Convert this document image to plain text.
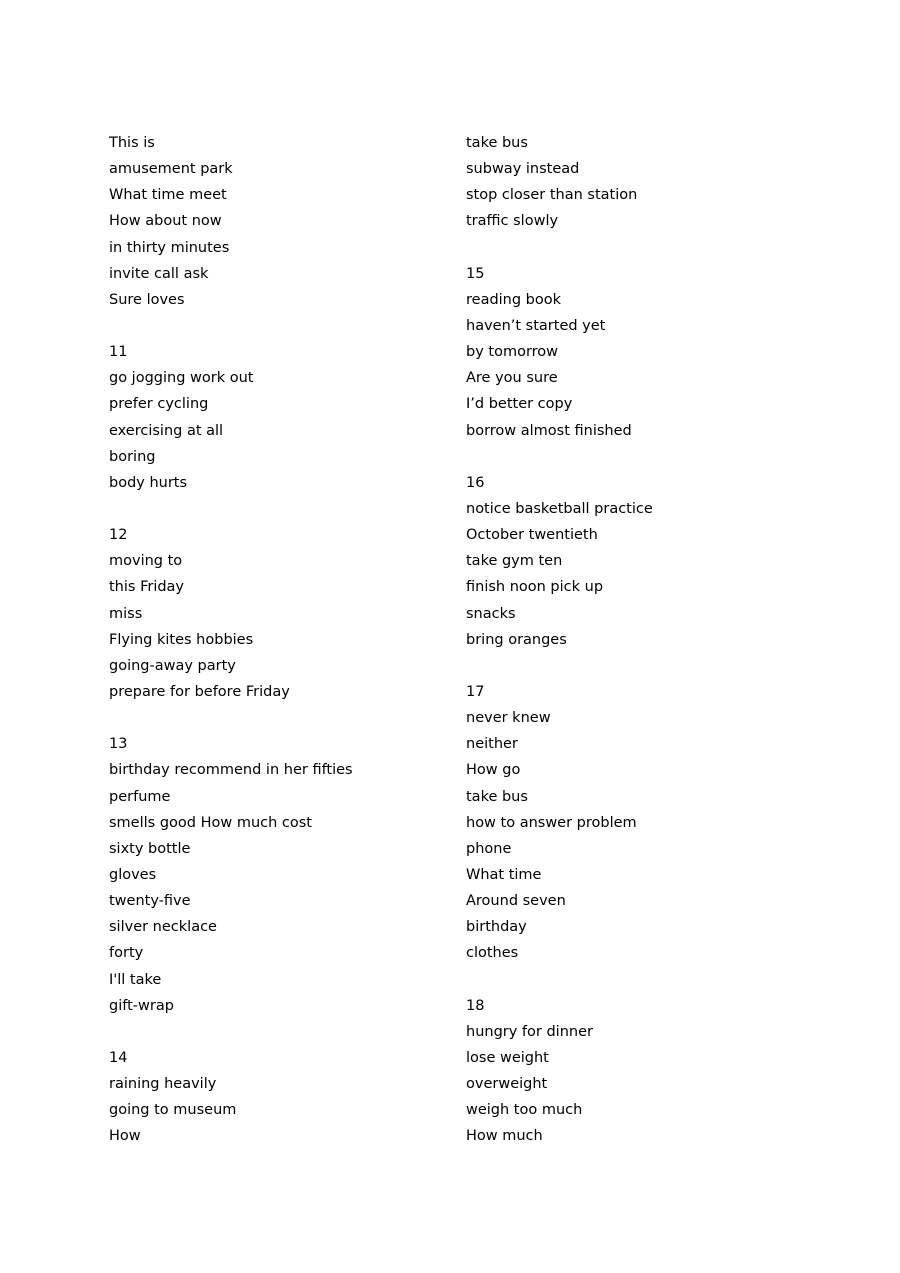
This is
amusement park
What time meet
How about now
in thirty minutes
invite call ask
Sure loves
11
go jogging work out
prefer cycling
exercising at all
boring
body hurts
12
moving to
this Friday
miss
Flying kites hobbies
going-away party
prepare for before Friday
13
birthday recommend in her fifties
perfume
smells good How much cost
sixty bottle
gloves
twenty-five
silver necklace
forty
I'll take
gift-wrap
14
raining heavily
going to museum
How
take bus
subway instead
stop closer than station
traffic slowly
15
reading book
haven’t started yet
by tomorrow
Are you sure
I’d better copy
borrow almost finished
16
notice basketball practice
October twentieth
take gym ten
finish noon pick up
snacks
bring oranges
17
never knew
neither
How go
take bus
how to answer problem
phone
What time
Around seven
birthday
clothes
18
hungry for dinner
lose weight
overweight
weigh too much
How much
